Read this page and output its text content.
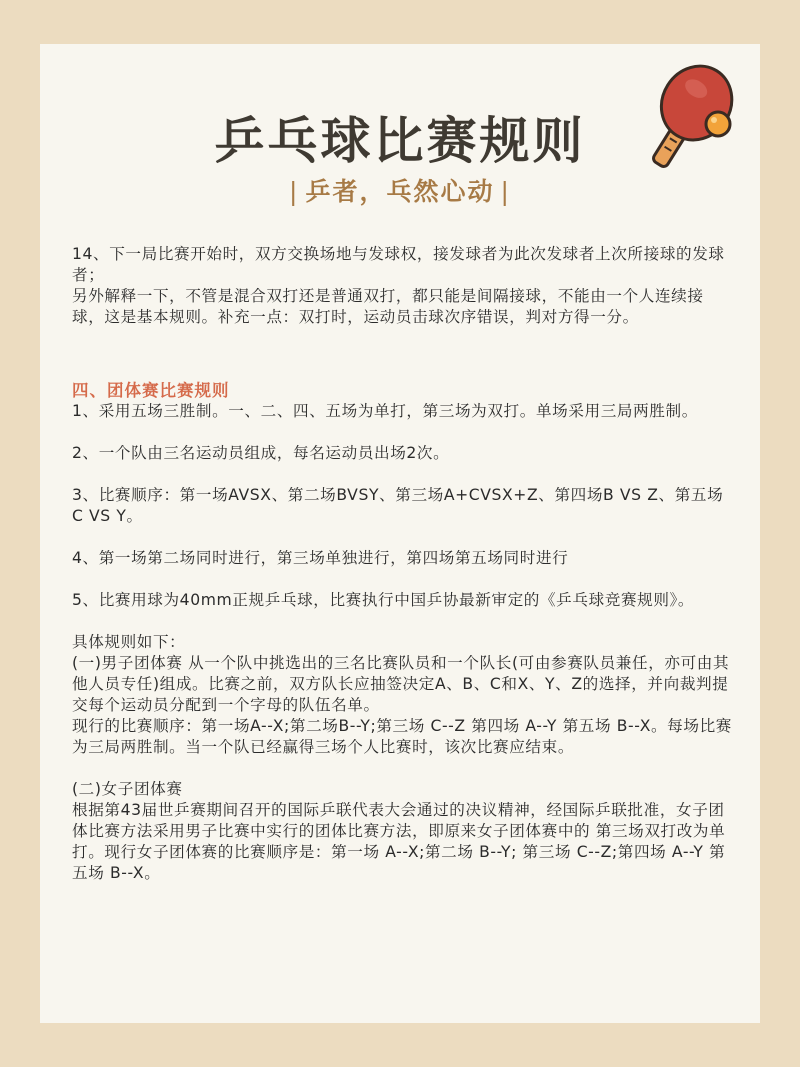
乒乓球比赛规则
| 乒者，乓然心动 |

14、下一局比赛开始时，双方交换场地与发球权，接发球者为此次发球者上次所接球的发球者；

另外解释一下，不管是混合双打还是普通双打，都只能是间隔接球，不能由一个人连续接球，这是基本规则。补充一点：双打时，运动员击球次序错误，判对方得一分。

四、团体赛比赛规则

1、采用五场三胜制。一、二、四、五场为单打，第三场为双打。单场采用三局两胜制。

2、一个队由三名运动员组成，每名运动员出场2次。

3、比赛顺序：第一场AVSX、第二场BVSY、第三场A+CVSX+Z、第四场B VS Z、第五场C VS Y。

4、第一场第二场同时进行，第三场单独进行，第四场第五场同时进行

5、比赛用球为40mm正规乒乓球，比赛执行中国乒协最新审定的《乒乓球竞赛规则》。

具体规则如下：

(一)男子团体赛 从一个队中挑选出的三名比赛队员和一个队长(可由参赛队员兼任，亦可由其他人员专任)组成。比赛之前，双方队长应抽签决定A、B、C和X、Y、Z的选择，并向裁判提交每个运动员分配到一个字母的队伍名单。

现行的比赛顺序：第一场A--X;第二场B--Y;第三场 C--Z 第四场 A--Y 第五场 B--X。每场比赛为三局两胜制。当一个队已经赢得三场个人比赛时，该次比赛应结束。

(二)女子团体赛

根据第43届世乒赛期间召开的国际乒联代表大会通过的决议精神，经国际乒联批准，女子团体比赛方法采用男子比赛中实行的团体比赛方法，即原来女子团体赛中的 第三场双打改为单打。现行女子团体赛的比赛顺序是：第一场 A--X;第二场 B--Y; 第三场 C--Z;第四场 A--Y 第五场 B--X。
